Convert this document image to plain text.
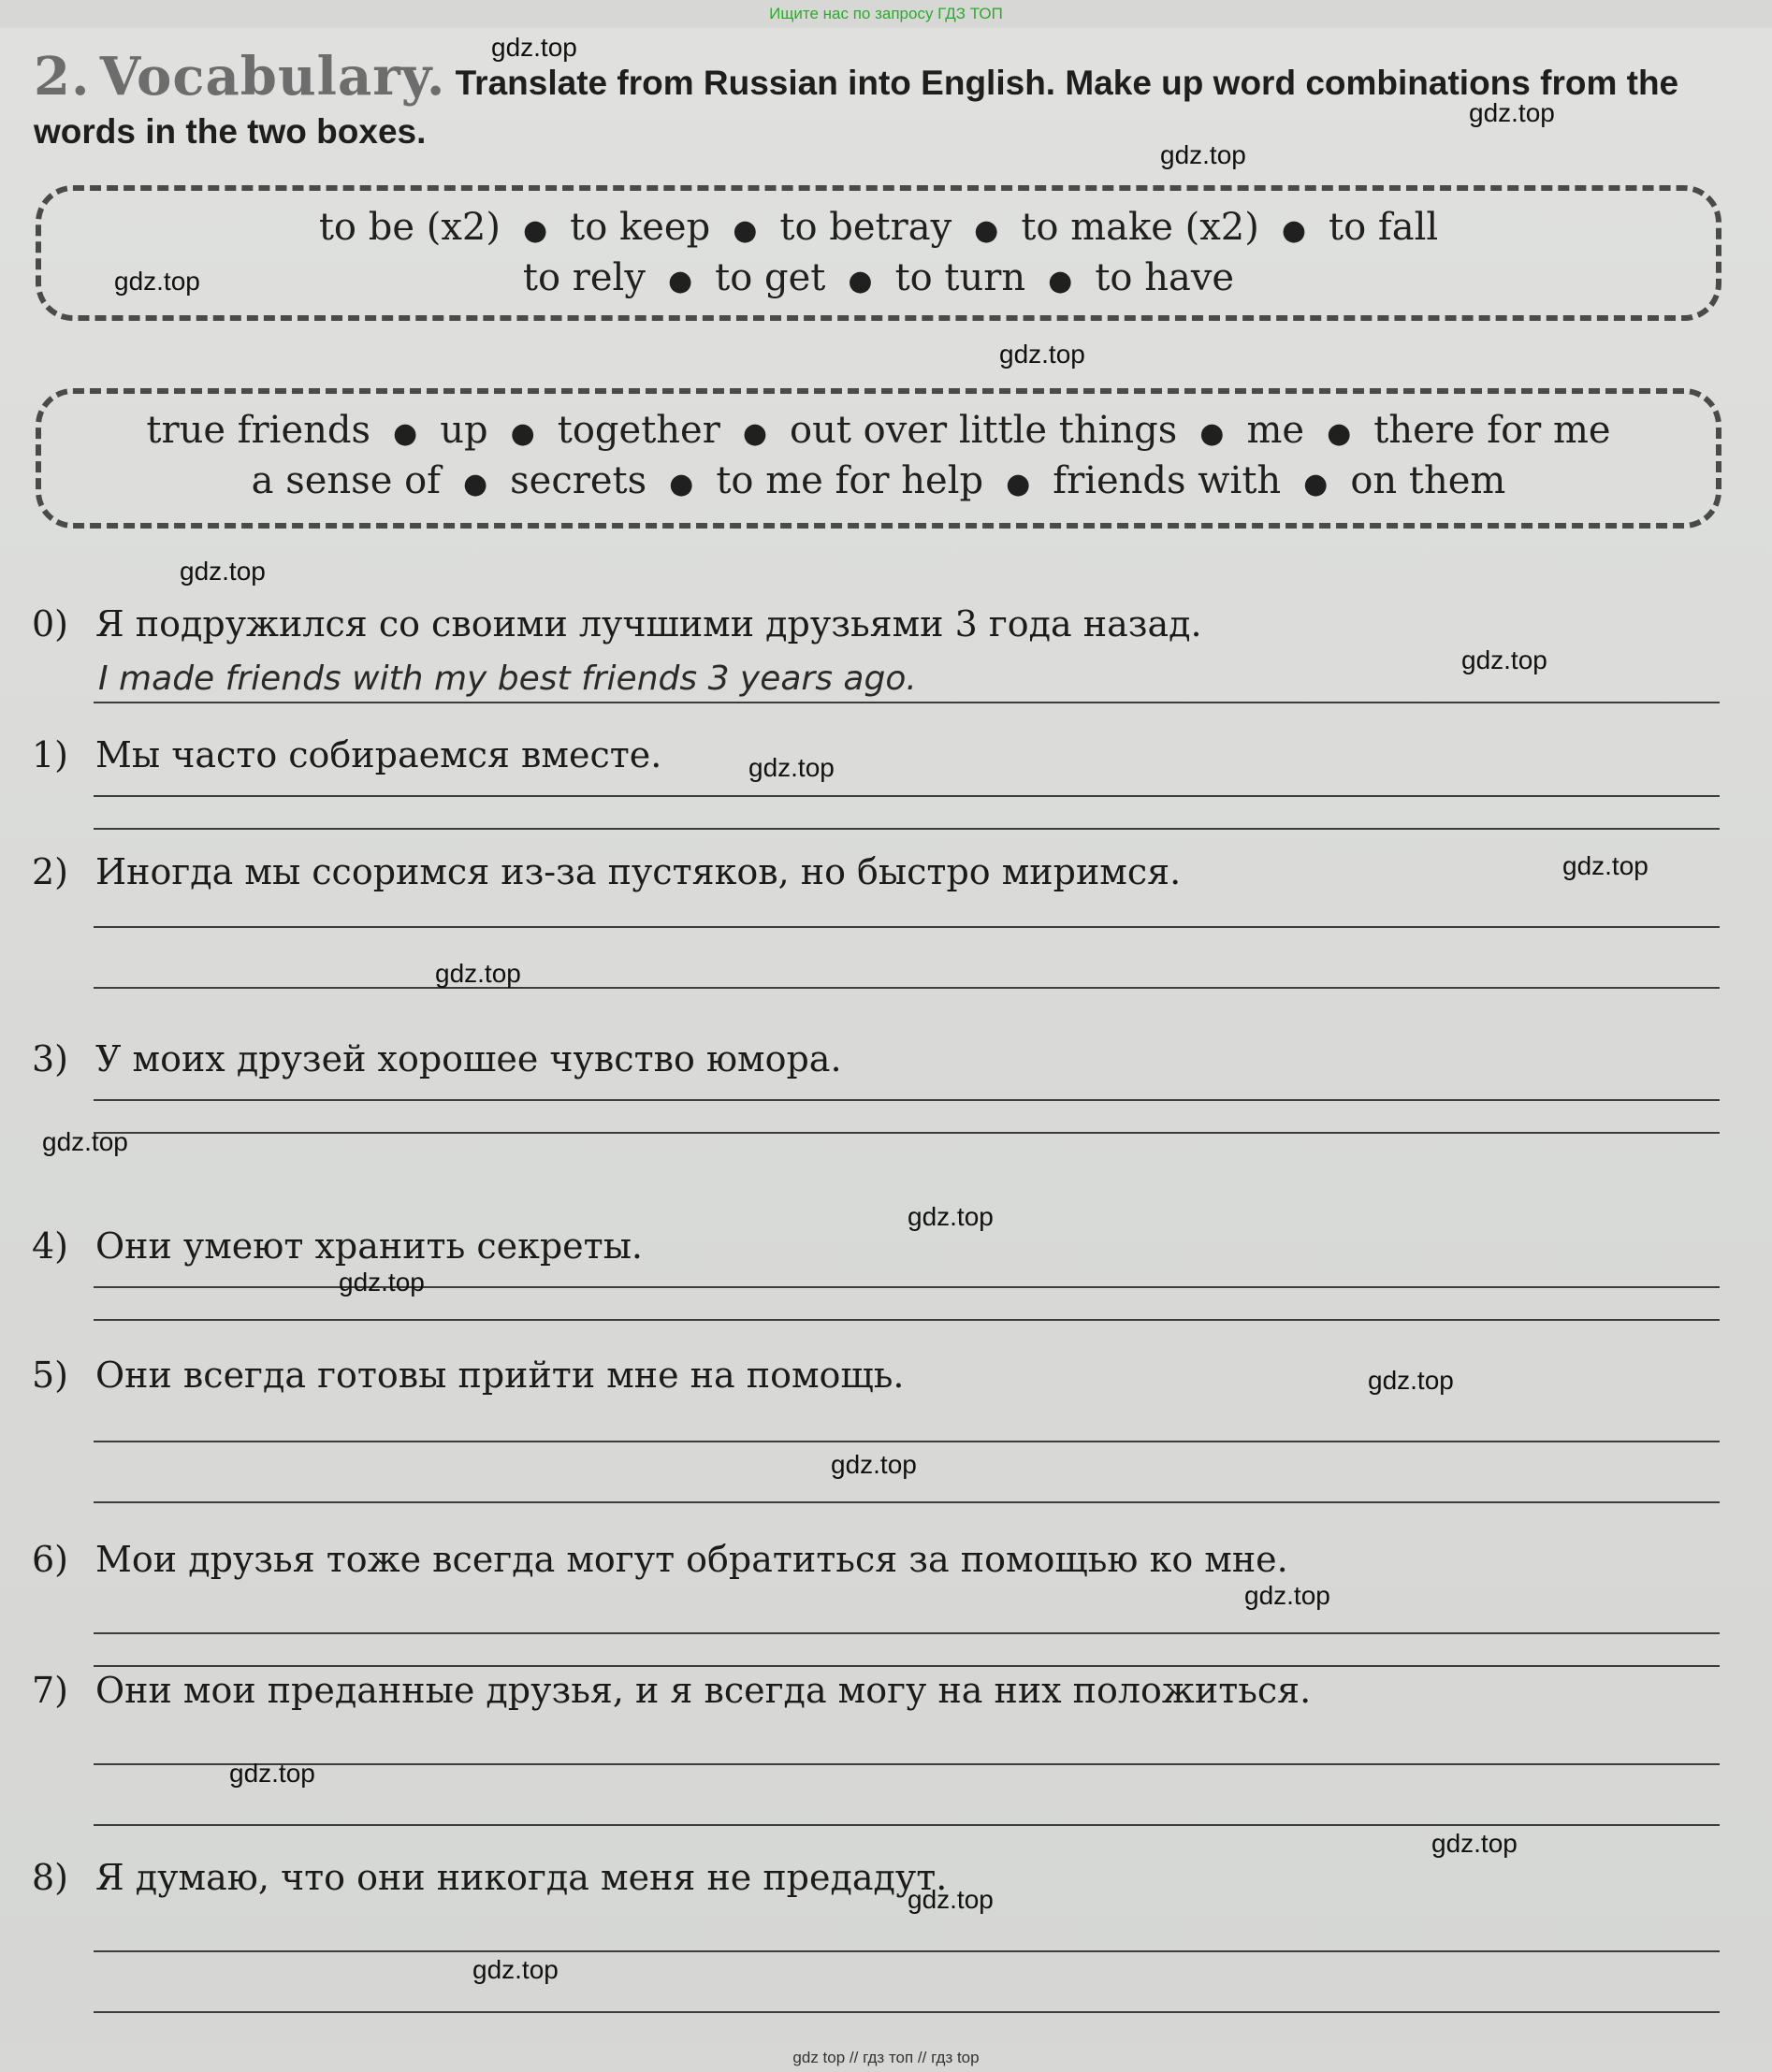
Ищите нас по запросу ГДЗ ТОП

2. Vocabulary. Translate from Russian into English. Make up word combinations from the words in the two boxes.
to be (x2) ● to keep ● to betray ● to make (x2) ● to fall
to rely ● to get ● to turn ● to have
true friends ● up ● together ● out over little things ● me ● there for me
a sense of ● secrets ● to me for help ● friends with ● on them
0) Я подружился со своими лучшими друзьями 3 года назад.
I made friends with my best friends 3 years ago.
1) Мы часто собираемся вместе.
2) Иногда мы ссоримся из-за пустяков, но быстро миримся.
3) У моих друзей хорошее чувство юмора.
4) Они умеют хранить секреты.
5) Они всегда готовы прийти мне на помощь.
6) Мои друзья тоже всегда могут обратиться за помощью ко мне.
7) Они мои преданные друзья, и я всегда могу на них положиться.
8) Я думаю, что они никогда меня не предадут.
gdz.top
gdz.top
gdz.top
gdz.top
gdz.top
gdz.top
gdz.top
gdz.top
gdz.top
gdz.top
gdz.top
gdz.top
gdz.top
gdz.top
gdz.top
gdz.top
gdz.top
gdz.top
gdz.top
gdz.top
gdz top // гдз топ // гдз top
